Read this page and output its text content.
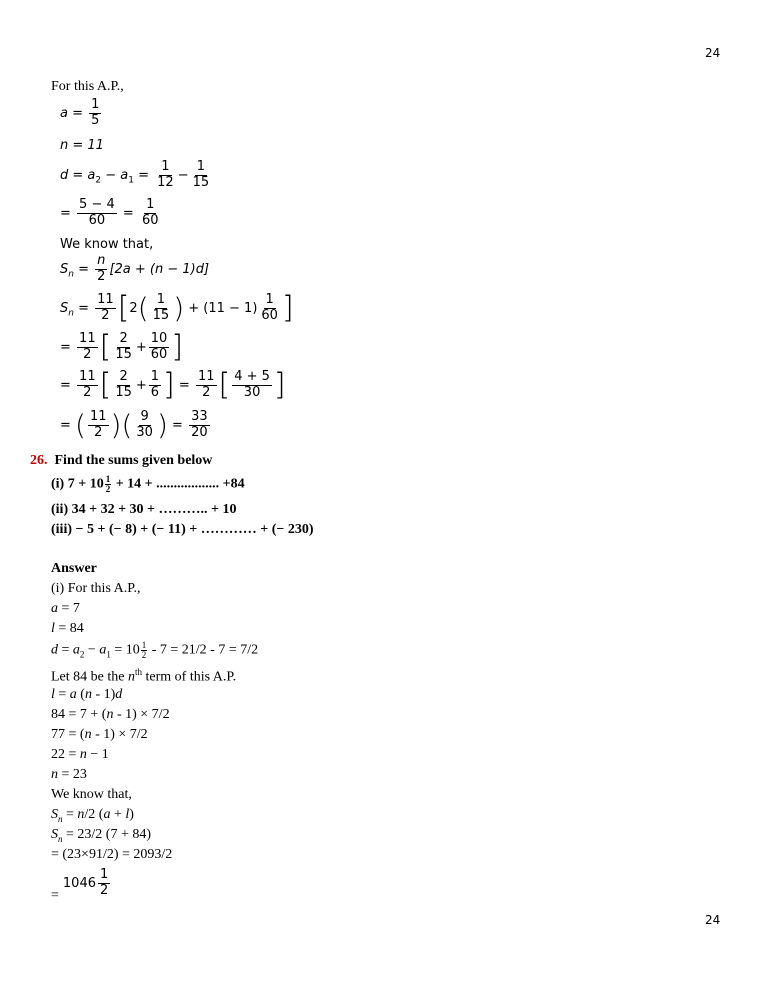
24
24
For this A.P.,
$a = \frac{1}{5}$
n = 11
$d = a_2 - a_1 = \frac{1}{12} - \frac{1}{15}$
= $\frac{5 - 4}{60} = \frac{1}{60}$
We know that,
$S_n = \frac{n}{2} [2a + (n - 1)d]$
$S_n = \frac{11}{2} [2( \frac{1}{15}$ ) + $(11 - 1) \frac{1}{60}$ ]
= $\frac{11}{2}$ [ $\frac{2}{15} + \frac{10}{60}$ ]
= $\frac{11}{2}$ [ $\frac{2}{15} + \frac{1}{6}$ ] = $\frac{11}{2}$ [ $\frac{4 + 5}{30}$ ]
= ( $\frac{11}{2}$ )( $\frac{9}{30}$ ) = $\frac{33}{20}$
26. Find the sums given below
(i) $7 + 10 \frac{1}{2} + 14$ + .................. +84
(ii) 34 + 32 + 30 + ……….. + 10
(iii) − 5 + (− 8) + (− 11) + ………… + (− 230)
Answer
(i) For this A.P.,
a = 7
l = 84
$d = a_2 - a_1 = 10 \frac{1}{2} - 7 = 21/2 - 7 = 7/2$
Let 84 be the $n^{th}$ term of this A.P.
l = a (n - 1)d
84 = 7 + (n - 1) × 7/2
77 = (n - 1) × 7/2
22 = n − 1
n = 23
We know that,
$S_n = n/2$ (a + l)
$S_n = 23/2$ (7 + 84)
= (23×91/2) = 2093/2
= $1046 \frac{1}{2}$
